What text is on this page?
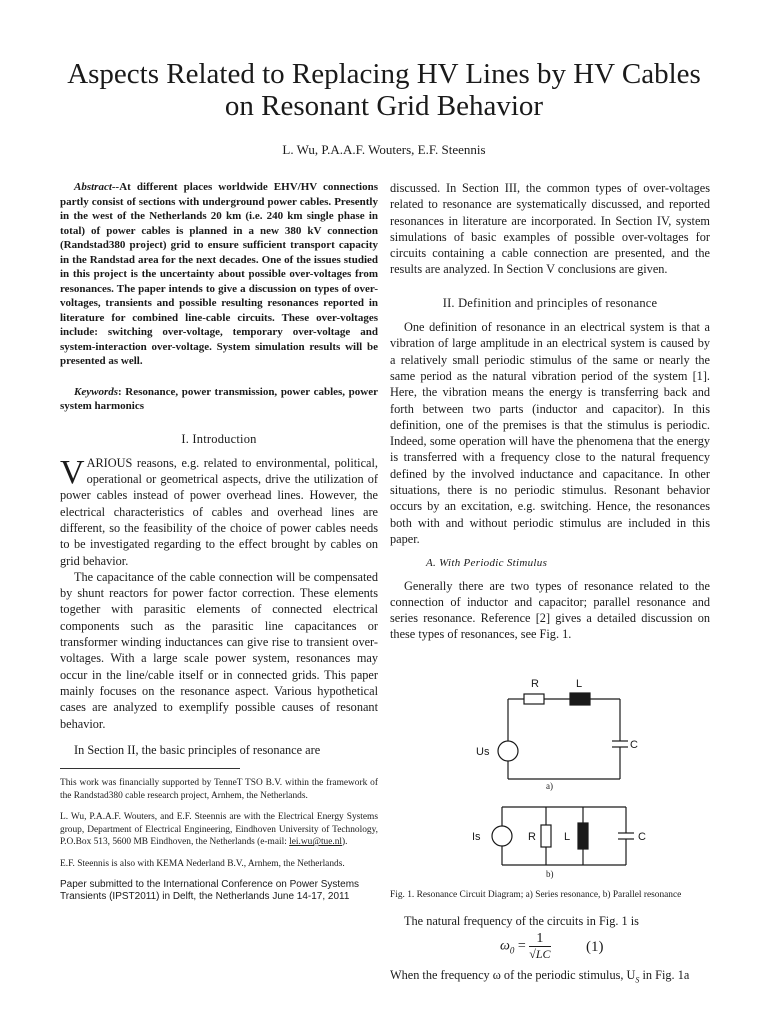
Aspects Related to Replacing HV Lines by HV Cables on Resonant Grid Behavior
L. Wu, P.A.A.F. Wouters, E.F. Steennis

Abstract--At different places worldwide EHV/HV connections partly consist of sections with underground power cables. Presently in the west of the Netherlands 20 km (i.e. 240 km single phase in total) of power cables is planned in a new 380 kV connection (Randstad380 project) grid to ensure sufficient transport capacity in the Randstad area for the next decades. One of the issues studied in this project is the uncertainty about possible over-voltages from resonances. The paper intends to give a discussion on types of over-voltages, transients and possible resulting resonances reported in literature for combined line-cable circuits. These over-voltages include: switching over-voltage, temporary over-voltage and system-interaction over-voltage. System simulation results will be presented as well.

Keywords: Resonance, power transmission, power cables, power system harmonics

I. Introduction

VARIOUS reasons, e.g. related to environmental, political, operational or geometrical aspects, drive the utilization of power cables instead of power overhead lines. However, the electrical characteristics of cables and overhead lines are different, so the feasibility of the choice of power cables needs to be investigated regarding to the effect brought by cables on grid behavior.

The capacitance of the cable connection will be compensated by shunt reactors for power factor correction. These elements together with parasitic elements of connected electrical components such as the parasitic line capacitances or transformer winding inductances can give rise to transient over-voltages. With a large scale power system, resonances may occur in the line/cable itself or in connected grids. This paper mainly focuses on the resonance aspect. Various hypothetical cases are analyzed to exemplify possible causes of resonant behavior.

In Section II, the basic principles of resonance are

This work was financially supported by TenneT TSO B.V. within the framework of the Randstad380 cable research project, Arnhem, the Netherlands.

L. Wu, P.A.A.F. Wouters, and E.F. Steennis are with the Electrical Energy Systems group, Department of Electrical Engineering, Eindhoven University of Technology, P.O.Box 513, 5600 MB Eindhoven, the Netherlands (e-mail: lei.wu@tue.nl).

E.F. Steennis is also with KEMA Nederland B.V., Arnhem, the Netherlands.

Paper submitted to the International Conference on Power Systems Transients (IPST2011) in Delft, the Netherlands June 14-17, 2011

discussed. In Section III, the common types of over-voltages related to resonance are systematically discussed, and reported resonances in literature are incorporated. In Section IV, system simulations of basic examples of possible over-voltages for circuits containing a cable connection are presented, and the results are analyzed. In Section V conclusions are given.

II. Definition and principles of resonance

One definition of resonance in an electrical system is that a vibration of large amplitude in an electrical system is caused by a relatively small periodic stimulus of the same or nearly the same period as the natural vibration period of the system [1]. Here, the vibration means the energy is transferring back and forth between two parts (inductor and capacitor). In this definition, one of the premises is that the stimulus is periodic. Indeed, some operation will have the phenomena that the energy is transferred with a frequency close to the natural frequency defined by the involved inductance and capacitance. In other situations, there is no periodic stimulus. Resonant behavior occurs by an excitation, e.g. switching. Hence, the resonances both with and without periodic stimulus are included in this paper.

A. With Periodic Stimulus

Generally there are two types of resonance related to the connection of inductor and capacitor; parallel resonance and series resonance. Reference [2] gives a detailed discussion on these types of resonances, see Fig. 1.

R	L
Us
C
a)
Is	R	L	C
b)

Fig. 1. Resonance Circuit Diagram; a) Series resonance, b) Parallel resonance

The natural frequency of the circuits in Fig. 1 is

$\omega_0 = \frac{1}{√LC} (1)$

When the frequency ω of the periodic stimulus, $U_S$ in Fig. 1a
